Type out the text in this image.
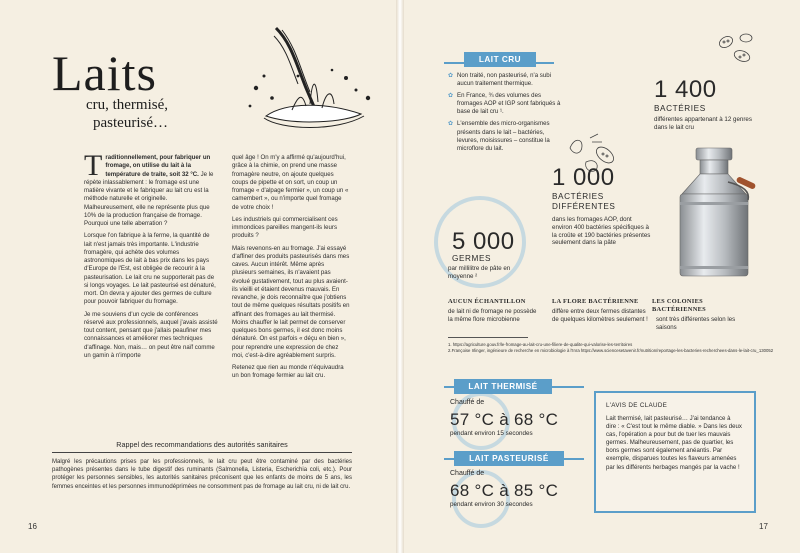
Laits
cru, thermisé, pasteurisé…

Traditionnellement, pour fabriquer un fromage, on utilise du lait à la température de traite, soit 32 °C. Je le répète inlassablement : le fromage est une matière vivante et le fabriquer au lait cru est la méthode naturelle et originelle. Malheureusement, elle ne représente plus que 10% de la production française de fromage. Pourquoi une telle aberration ?

Lorsque l'on fabrique à la ferme, la quantité de lait n'est jamais très importante. L'industrie fromagère, qui achète des volumes astronomiques de lait à bas prix dans les pays d'Europe de l'Est, est obligée de recourir à la pasteurisation. Le lait cru ne supporterait pas de si longs voyages. Le lait pasteurisé est dénaturé, mort. On devra y ajouter des germes de culture pour pouvoir fabriquer du fromage.

Je me souviens d'un cycle de conférences réservé aux professionnels, auquel j'avais assisté tout content, pensant que j'allais peaufiner mes connaissances et améliorer mes techniques d'affinage. Non, mais… on peut être naïf comme un gamin à n'importe

quel âge ! On m'y a affirmé qu'aujourd'hui, grâce à la chimie, on prend une masse fromagère neutre, on ajoute quelques coups de pipette et on sort, un coup un fromage « d'alpage fermier », un coup un « camembert », ou n'importe quel fromage de votre choix !

Les industriels qui commercialisent ces immondices pareilles mangent-ils leurs produits ?

Mais revenons-en au fromage. J'ai essayé d'affiner des produits pasteurisés dans mes caves. Aucun intérêt. Même après plusieurs semaines, ils n'avaient pas évolué gustativement, tout au plus avaient-ils vieilli et étaient devenus mauvais. En revanche, je dois reconnaître que j'obtiens tout de même quelques résultats positifs en affinant des fromages au lait thermisé. Moins chauffer le lait permet de conserver quelques bons germes, il est donc moins dénaturé. On est parfois « déçu en bien », pour reprendre une expression de chez moi, c'est-à-dire agréablement surpris.

Retenez que rien au monde n'équivaudra un bon fromage fermier au lait cru.

Rappel des recommandations des autorités sanitaires
Malgré les précautions prises par les professionnels, le lait cru peut être contaminé par des bactéries pathogènes présentes dans le tube digestif des ruminants (Salmonella, Listeria, Escherichia coli, etc.). Pour protéger les personnes sensibles, les autorités sanitaires préconisent que les enfants de moins de 5 ans, les femmes enceintes et les personnes immunodéprimées ne consomment pas de fromage au lait cru, ni de lait cru.
16
LAIT CRU
✿ Non traité, non pasteurisé, n'a subi aucun traitement thermique.
✿ En France, ¾ des volumes des fromages AOP et IGP sont fabriqués à base de lait cru ¹.
✿ L'ensemble des micro-organismes présents dans le lait – bactéries, levures, moisissures – constitue la microflore du lait.
1 400
BACTÉRIES
différentes appartenant à 12 genres dans le lait cru
1 000
BACTÉRIES DIFFÉRENTES
dans les fromages AOP, dont environ 400 bactéries spécifiques à la croûte et 190 bactéries présentes seulement dans la pâte
5 000
GERMES
par millilitre de pâte en moyenne ²
AUCUN ÉCHANTILLON
de lait ni de fromage ne possède la même flore microbienne
LA FLORE BACTÉRIENNE
diffère entre deux fermes distantes de quelques kilomètres seulement !
LES COLONIES BACTÉRIENNES
sont très différentes selon les saisons
1. https://agriculture.gouv.fr/le-fromage-au-lait-cru-une-filiere-de-qualite-qui-valorise-les-territoires
2.Françoise Irlinger, ingénieure de recherche en microbiologie à l'Inra https://www.sciencesetavenir.fr/nutrition/reportage-les-bacteries-recherchees-dans-le-lait-cru_130052
LAIT THERMISÉ
Chauffé de
57 °C à 68 °C
pendant environ 15 secondes
LAIT PASTEURISÉ
Chauffé de
68 °C à 85 °C
pendant environ 30 secondes
L'AVIS DE CLAUDE
Lait thermisé, lait pasteurisé… J'ai tendance à dire : « C'est tout le même diable. » Dans les deux cas, l'opération a pour but de tuer les mauvais germes. Malheureusement, pas de quartier, les bons germes sont également anéantis. Par exemple, disparues toutes les flaveurs amenées par les différents herbages mangés par la vache !
17
